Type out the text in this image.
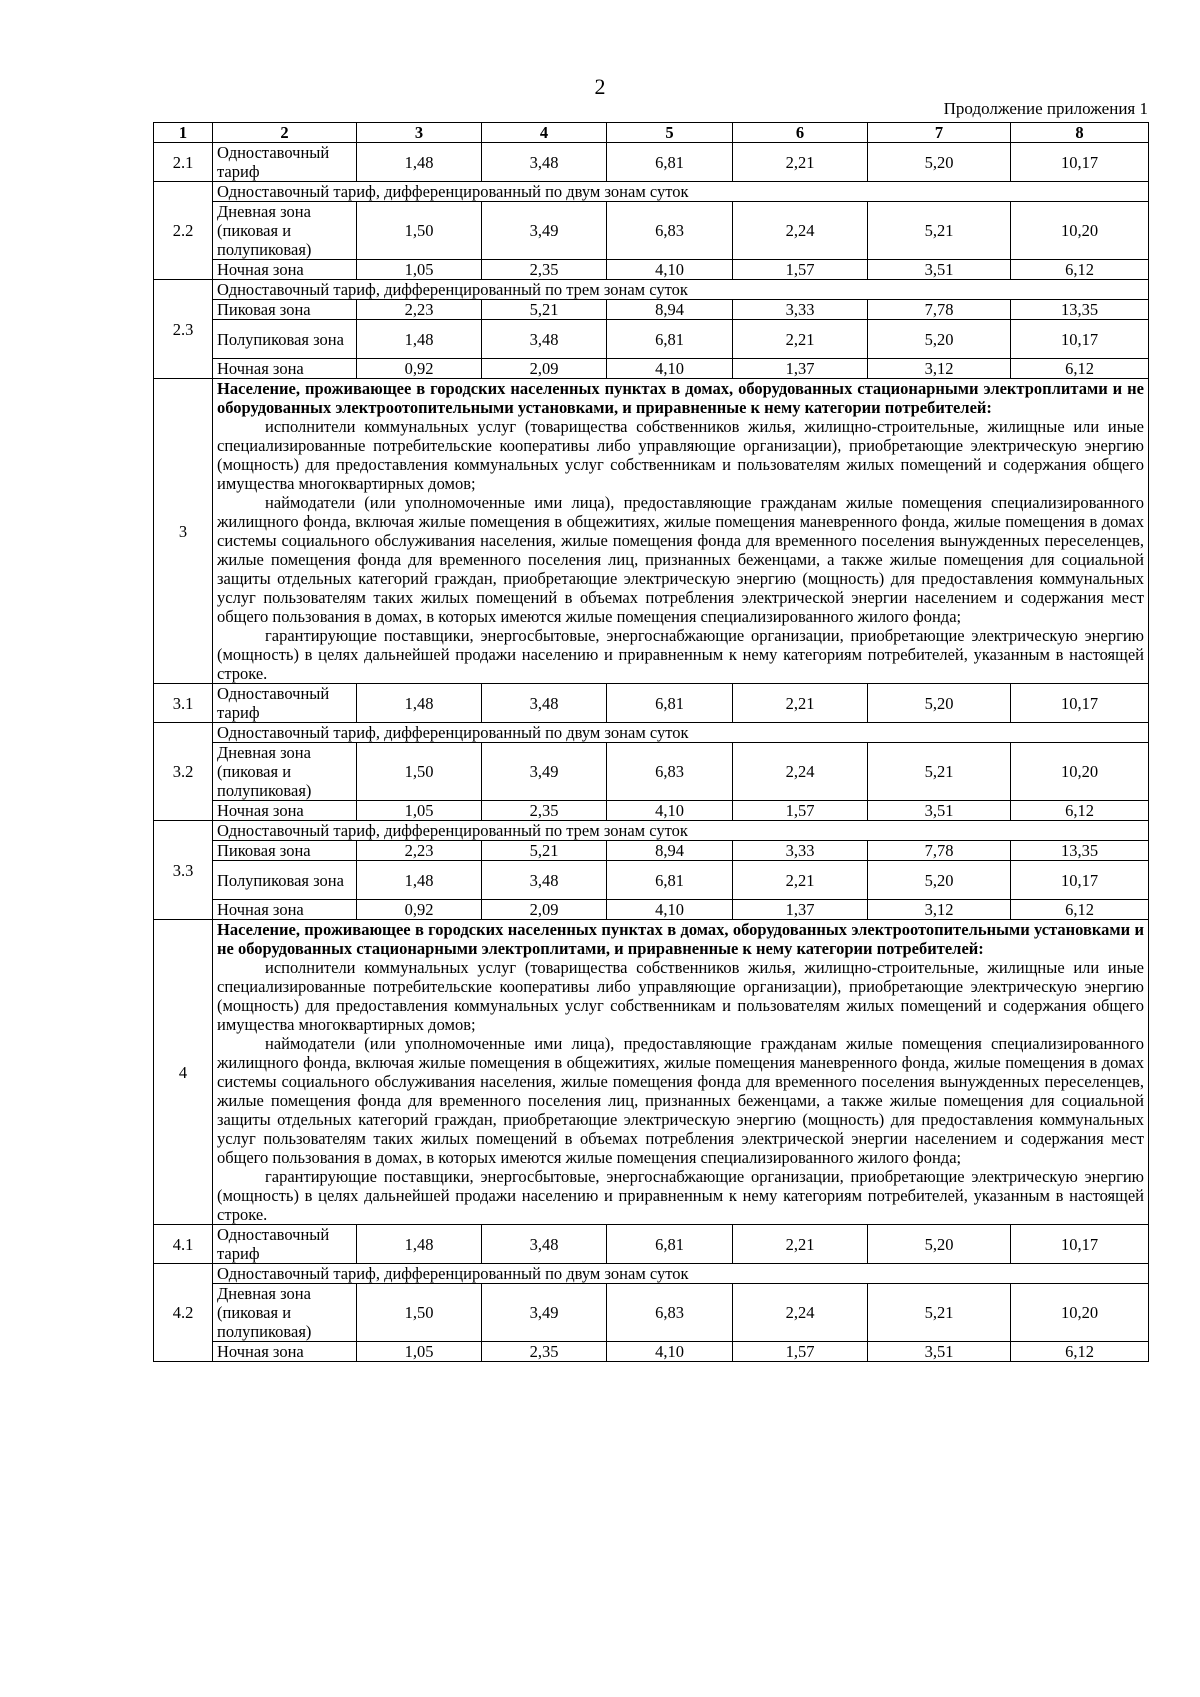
2
Продолжение приложения 1
1	2	3	4	5	6	7	8
2.1	Одноставочный тариф	1,48	3,48	6,81	2,21	5,20	10,17
2.2	Одноставочный тариф, дифференцированный по двум зонам суток						
	Дневная зона (пиковая и полупиковая)	1,50	3,49	6,83	2,24	5,21	10,20
	Ночная зона	1,05	2,35	4,10	1,57	3,51	6,12
2.3	Одноставочный тариф, дифференцированный по трем зонам суток						
	Пиковая зона	2,23	5,21	8,94	3,33	7,78	13,35
	Полупиковая зона	1,48	3,48	6,81	2,21	5,20	10,17
	Ночная зона	0,92	2,09	4,10	1,37	3,12	6,12
3	Население, проживающее в городских населенных пунктах в домах, оборудованных стационарными электроплитами и не оборудованных электроотопительными установками, и приравненные к нему категории потребителей:
исполнители коммунальных услуг (товарищества собственников жилья, жилищно-строительные, жилищные или иные специализированные потребительские кооперативы либо управляющие организации), приобретающие электрическую энергию (мощность) для предоставления коммунальных услуг собственникам и пользователям жилых помещений и содержания общего имущества многоквартирных домов;
наймодатели (или уполномоченные ими лица), предоставляющие гражданам жилые помещения специализированного жилищного фонда, включая жилые помещения в общежитиях, жилые помещения маневренного фонда, жилые помещения в домах системы социального обслуживания населения, жилые помещения фонда для временного поселения вынужденных переселенцев, жилые помещения фонда для временного поселения лиц, признанных беженцами, а также жилые помещения для социальной защиты отдельных категорий граждан, приобретающие электрическую энергию (мощность) для предоставления коммунальных услуг пользователям таких жилых помещений в объемах потребления электрической энергии населением и содержания мест общего пользования в домах, в которых имеются жилые помещения специализированного жилого фонда;
гарантирующие поставщики, энергосбытовые, энергоснабжающие организации, приобретающие электрическую энергию (мощность) в целях дальнейшей продажи населению и приравненным к нему категориям потребителей, указанным в настоящей строке.						

3.1	Одноставочный тариф	1,48	3,48	6,81	2,21	5,20	10,17
3.2	Одноставочный тариф, дифференцированный по двум зонам суток						
	Дневная зона (пиковая и полупиковая)	1,50	3,49	6,83	2,24	5,21	10,20
	Ночная зона	1,05	2,35	4,10	1,57	3,51	6,12
3.3	Одноставочный тариф, дифференцированный по трем зонам суток						
	Пиковая зона	2,23	5,21	8,94	3,33	7,78	13,35
	Полупиковая зона	1,48	3,48	6,81	2,21	5,20	10,17
	Ночная зона	0,92	2,09	4,10	1,37	3,12	6,12
4	Население, проживающее в городских населенных пунктах в домах, оборудованных электроотопительными установками и не оборудованных стационарными электроплитами, и приравненные к нему категории потребителей:
исполнители коммунальных услуг (товарищества собственников жилья, жилищно-строительные, жилищные или иные специализированные потребительские кооперативы либо управляющие организации), приобретающие электрическую энергию (мощность) для предоставления коммунальных услуг собственникам и пользователям жилых помещений и содержания общего имущества многоквартирных домов;
наймодатели (или уполномоченные ими лица), предоставляющие гражданам жилые помещения специализированного жилищного фонда, включая жилые помещения в общежитиях, жилые помещения маневренного фонда, жилые помещения в домах системы социального обслуживания населения, жилые помещения фонда для временного поселения вынужденных переселенцев, жилые помещения фонда для временного поселения лиц, признанных беженцами, а также жилые помещения для социальной защиты отдельных категорий граждан, приобретающие электрическую энергию (мощность) для предоставления коммунальных услуг пользователям таких жилых помещений в объемах потребления электрической энергии населением и содержания мест общего пользования в домах, в которых имеются жилые помещения специализированного жилого фонда;
гарантирующие поставщики, энергосбытовые, энергоснабжающие организации, приобретающие электрическую энергию (мощность) в целях дальнейшей продажи населению и приравненным к нему категориям потребителей, указанным в настоящей строке.						

4.1	Одноставочный тариф	1,48	3,48	6,81	2,21	5,20	10,17
4.2	Одноставочный тариф, дифференцированный по двум зонам суток						
	Дневная зона (пиковая и полупиковая)	1,50	3,49	6,83	2,24	5,21	10,20
	Ночная зона	1,05	2,35	4,10	1,57	3,51	6,12
